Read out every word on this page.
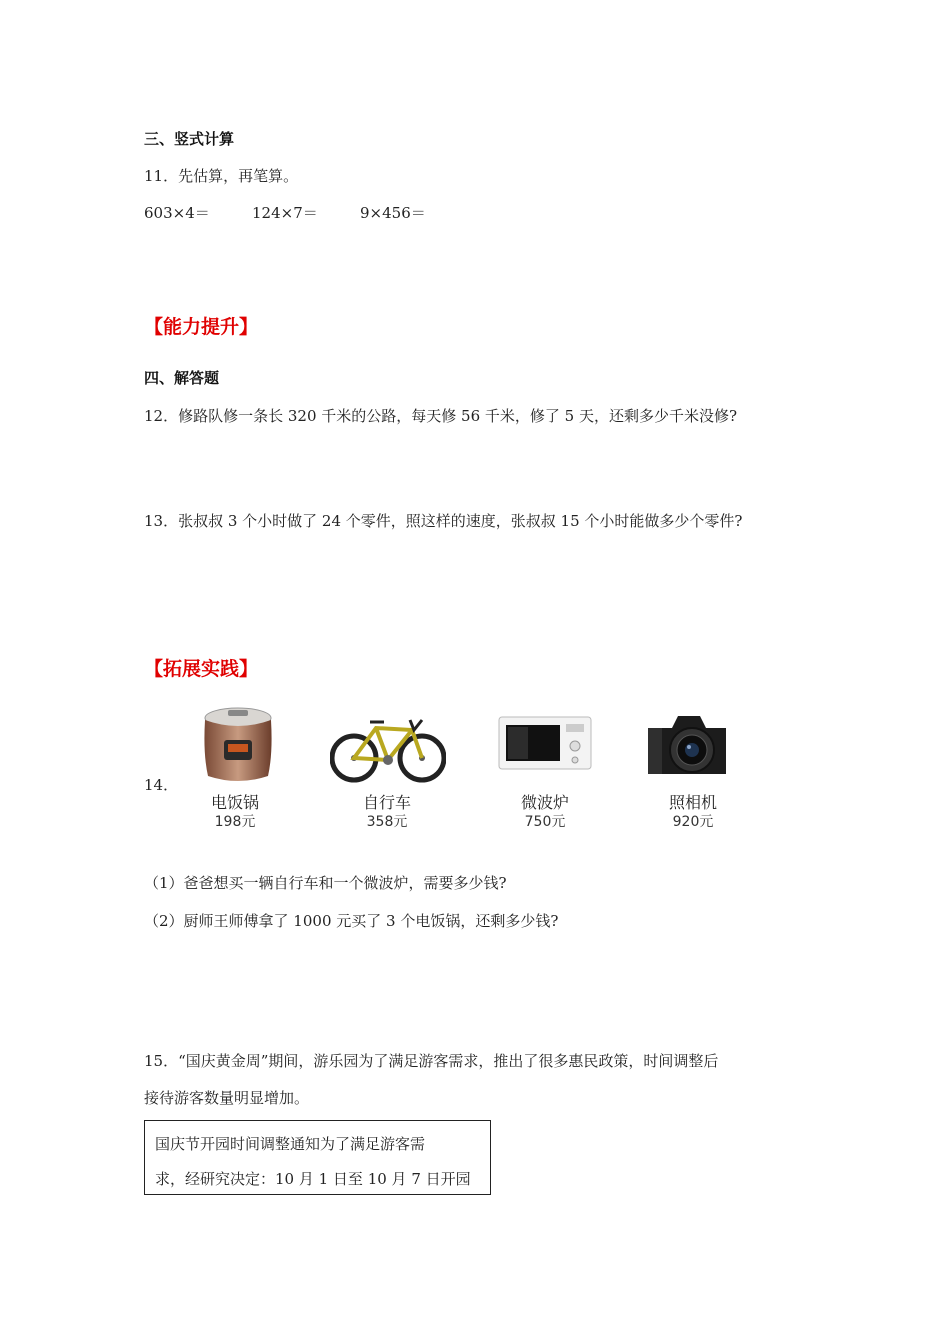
三、竖式计算
11．先估算，再笔算。
603×4＝	124×7＝	9×456＝
【能力提升】
四、解答题
12．修路队修一条长 320 千米的公路，每天修 56 千米，修了 5 天，还剩多少千米没修?
13．张叔叔 3 个小时做了 24 个零件，照这样的速度，张叔叔 15 个小时能做多少个零件?
【拓展实践】
14．
电饭锅
198元
自行车
358元
微波炉
750元
照相机
920元
（1）爸爸想买一辆自行车和一个微波炉，需要多少钱?
（2）厨师王师傅拿了 1000 元买了 3 个电饭锅，还剩多少钱?
15．“国庆黄金周”期间，游乐园为了满足游客需求，推出了很多惠民政策，时间调整后
接待游客数量明显增加。
国庆节开园时间调整通知为了满足游客需
求，经研究决定：10 月 1 日至 10 月 7 日开园
